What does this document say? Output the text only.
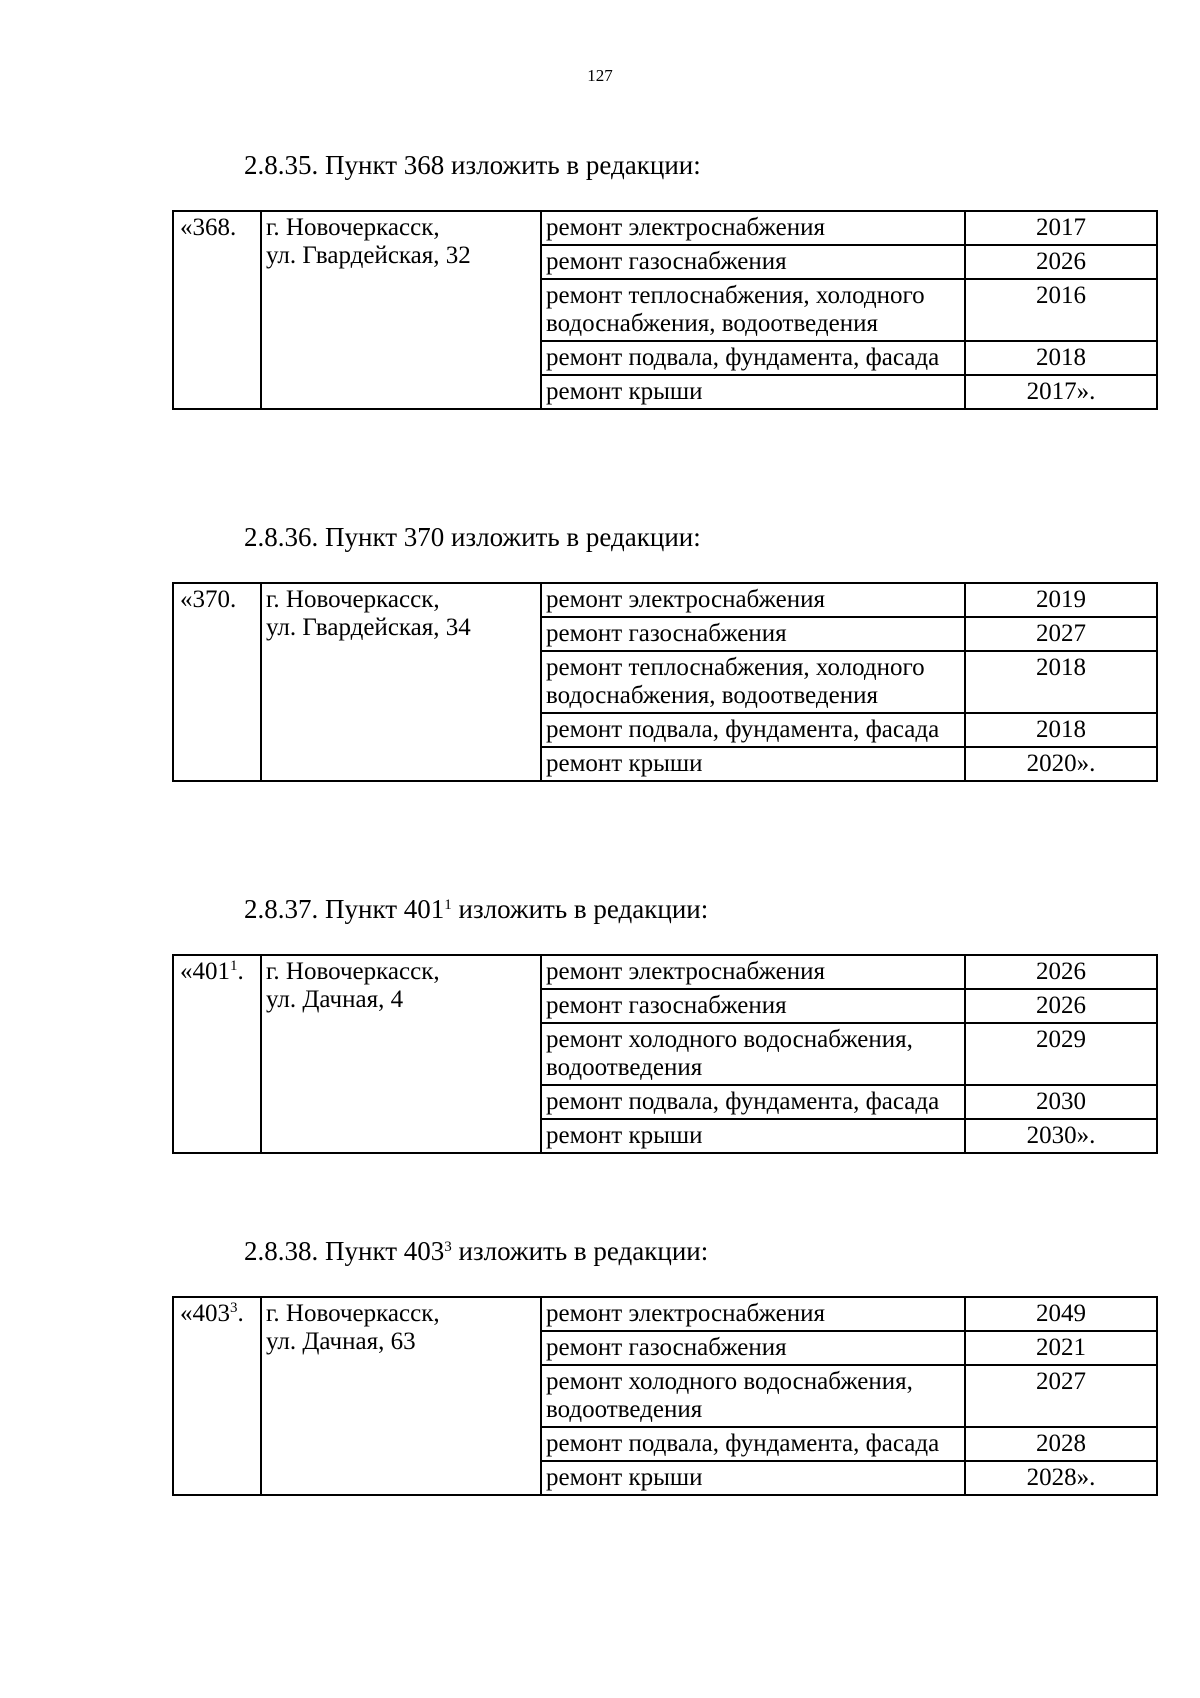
127
2.8.35. Пункт 368 изложить в редакции:
«368.	г. Новочеркасск,
ул. Гвардейская, 32	ремонт электроснабжения	2017
		ремонт газоснабжения	2026
		ремонт теплоснабжения, холодного водоснабжения, водоотведения	2016
		ремонт подвала, фундамента, фасада	2018
		ремонт крыши	2017».
2.8.36. Пункт 370 изложить в редакции:
«370.	г. Новочеркасск,
ул. Гвардейская, 34	ремонт электроснабжения	2019
		ремонт газоснабжения	2027
		ремонт теплоснабжения, холодного водоснабжения, водоотведения	2018
		ремонт подвала, фундамента, фасада	2018
		ремонт крыши	2020».
2.8.37. Пункт $401^1$ изложить в редакции:
«$401^1$.	г. Новочеркасск,
ул. Дачная, 4	ремонт электроснабжения	2026
		ремонт газоснабжения	2026
		ремонт холодного водоснабжения, водоотведения	2029
		ремонт подвала, фундамента, фасада	2030
		ремонт крыши	2030».
2.8.38. Пункт $403^3$ изложить в редакции:
«$403^3$.	г. Новочеркасск,
ул. Дачная, 63	ремонт электроснабжения	2049
		ремонт газоснабжения	2021
		ремонт холодного водоснабжения, водоотведения	2027
		ремонт подвала, фундамента, фасада	2028
		ремонт крыши	2028».
